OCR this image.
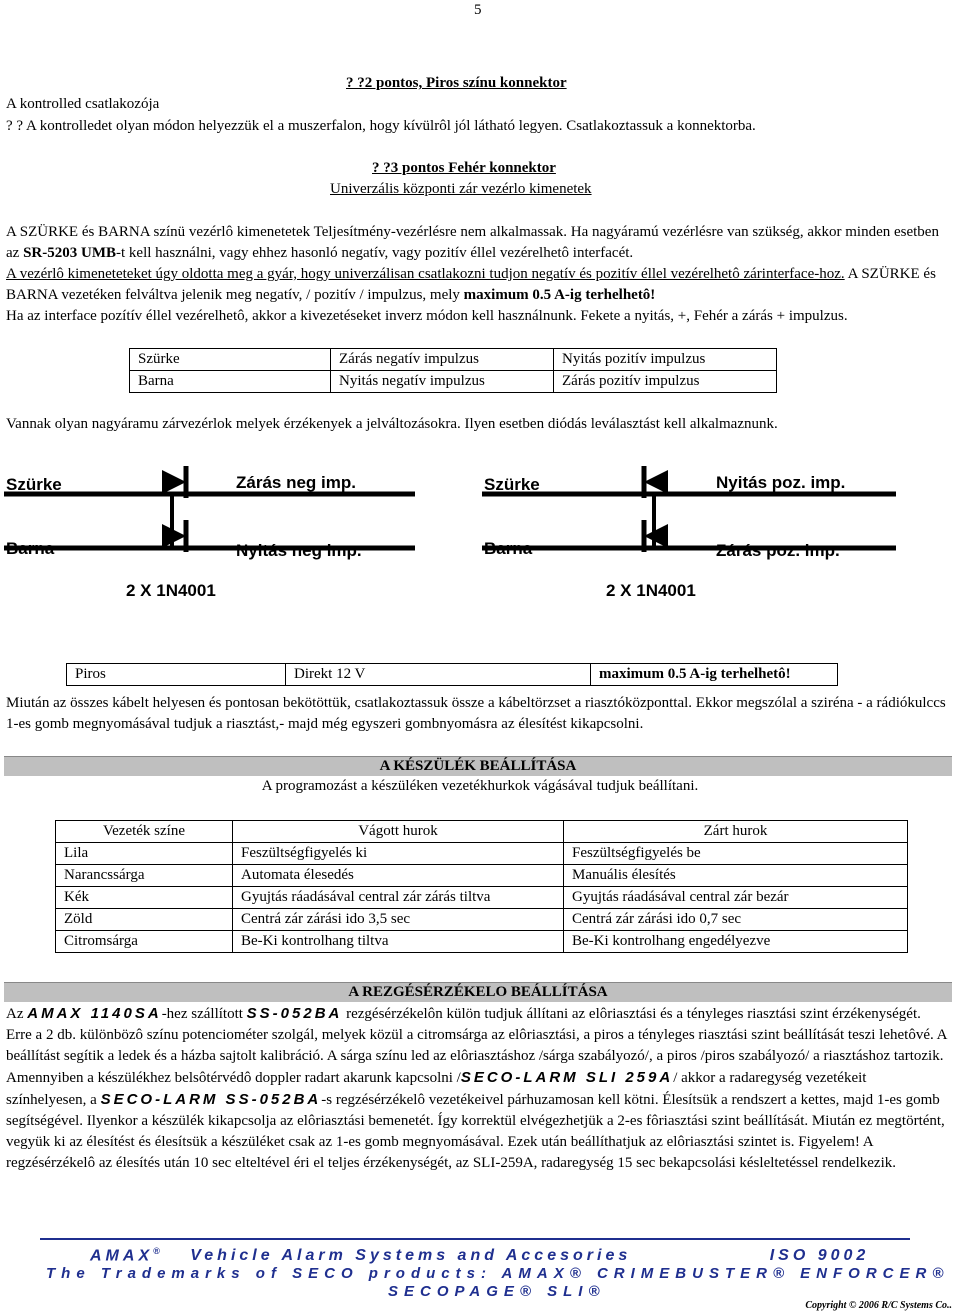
5
? ?2 pontos, Piros színu konnektor
A kontrolled csatlakozója
? ? A kontrolledet olyan módon helyezzük el a muszerfalon, hogy kívülrôl jól látható legyen. Csatlakoztassuk a konnektorba.
? ?3 pontos Fehér konnektor
Univerzális központi zár vezérlo kimenetek
A SZÜRKE és BARNA színü vezérlô kimenetetek Teljesítmény-vezérlésre nem alkalmassak. Ha nagyáramú vezérlésre van szükség, akkor minden esetben az SR-5203 UMB-t kell használni, vagy ehhez hasonló negatív, vagy pozitív éllel vezérelhetô interfacét.
A vezérlô kimeneteteket úgy oldotta meg a gyár, hogy univerzálisan csatlakozni tudjon negatív és pozitív éllel vezérelhetô zárinterface-hoz. A SZÜRKE és BARNA vezetéken felváltva jelenik meg negatív, / pozitív / impulzus, mely maximum 0.5 A-ig terhelhetô!
Ha az interface pozítív éllel vezérelhetô, akkor a kivezetéseket inverz módon kell használnunk. Fekete a nyitás, +, Fehér a zárás + impulzus.
Szürke	Zárás negatív impulzus	Nyitás pozitív impulzus
Barna	Nyitás negatív impulzus	Zárás pozitív impulzus
Vannak olyan nagyáramu zárvezérlok melyek érzékenyek a jelváltozásokra. Ilyen esetben diódás leválasztást kell alkalmaznunk.
Szürke	Zárás neg imp.
Barna	Nyitás neg imp.
2 X 1N4001
Szürke	Nyitás poz. imp.
Barna	Zárás poz. imp.
2 X 1N4001
Piros	Direkt 12 V	maximum 0.5 A-ig terhelhetô!
Miután az összes kábelt helyesen és pontosan bekötöttük, csatlakoztassuk össze a kábeltörzset a riasztóközponttal. Ekkor megszólal a sziréna - a rádiókulccs 1-es gomb megnyomásával tudjuk a riasztást,- majd még egyszeri gombnyomásra az élesítést kikapcsolni.
A KÉSZÜLÉK BEÁLLÍTÁSA
A programozást a készüléken vezetékhurkok vágásával tudjuk beállítani.
Vezeték színe	Vágott hurok	Zárt hurok
Lila	Feszültségfigyelés ki	Feszültségfigyelés be
Narancssárga	Automata élesedés	Manuális élesítés
Kék	Gyujtás ráadásával central zár zárás tiltva	Gyujtás ráadásával central zár bezár
Zöld	Centrá zár zárási ido 3,5 sec	Centrá zár zárási ido 0,7 sec
Citromsárga	Be-Ki kontrolhang tiltva	Be-Ki kontrolhang engedélyezve
A REZGÉSÉRZÉKELO BEÁLLÍTÁSA
Az AMAX 1140SA-hez szállított SS-052BA rezgésérzékelôn külön tudjuk állítani az elôriasztási és a tényleges riasztási szint érzékenységét. Erre a 2 db. különbözô színu potenciométer szolgál, melyek közül a citromsárga az elôriasztási, a piros a tényleges riasztási szint beállítását teszi lehetôvé. A beállítást segítik a ledek és a házba sajtolt kalibráció. A sárga színu led az elôriasztáshoz /sárga szabályozó/, a piros /piros szabályozó/ a riasztáshoz tartozik. Amennyiben a készülékhez belsôtérvédô doppler radart akarunk kapcsolni /SECO-LARM SLI 259A/ akkor a radaregység vezetékeit színhelyesen, a SECO-LARM SS-052BA-s regzésérzékelô vezetékeivel párhuzamosan kell kötni. Élesítsük a rendszert a kettes, majd 1-es gomb segítségével. Ilyenkor a készülék kikapcsolja az elôriasztási bemenetét. Így korrektül elvégezhetjük a 2-es fôriasztási szint beállítását. Miután ez megtörtént, vegyük ki az élesítést és élesítsük a készüléket csak az 1-es gomb megnyomásával. Ezek után beállíthatjuk az elôriasztási szintet is. Figyelem! A regzésérzékelô az élesítés után 10 sec elteltével éri el teljes érzékenységét, az SLI-259A, radaregység 15 sec bekapcsolási késleltetéssel rendelkezik.
AMAX® Vehicle Alarm Systems and Accesories	ISO 9002
The Trademarks of SECO products: AMAX® CRIMEBUSTER® ENFORCER®
SECOPAGE® SLI®
Copyright © 2006 R/C Systems Co..
